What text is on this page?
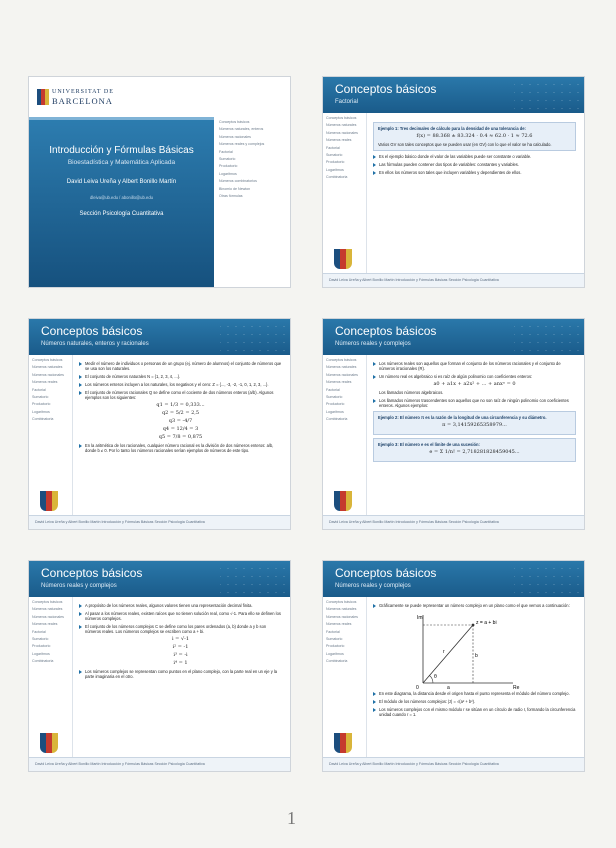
UNIVERSITAT DE
BARCELONA
Introducción y Fórmulas Básicas
Bioestadística y Matemática Aplicada
David Leiva Ureña y Albert Bonillo Martín
dleiva@ub.edu / abonillo@ub.edu
Sección Psicología Cuantitativa
Conceptos básicos
Números naturales, enteros
Números racionales
Números reales y complejos
Factorial
Sumatorio
Productorio
Logaritmos
Números combinatorios
Binomio de Newton
Otras fórmulas
Conceptos básicos
Factorial
Conceptos básicos
Números naturales
Números racionales
Números reales
Factorial
Sumatorio
Productorio
Logaritmos
Combinatoria
Ejemplo 1: Tres decimales de cálculo para la densidad de una tolerancia de:
f(x) = 88.368 ± 83.324 · 0.4 ≈ 62.0 · 1 ≈ 72.6
Varios GV son tales conceptos que se pueden usar (en GV) con lo que el valor se ha calculado.
Es el ejemplo básico donde el valor de las variables puede ser constante o variable.
Las fórmulas pueden contener dos tipos de variables: constantes y variables.
En ellos los números son tales que incluyen variables y dependientes de ellos.
David Leiva Ureña y Albert Bonillo Martín Introducción y Fórmulas Básicas Sección Psicología Cuantitativa
Conceptos básicos
Números naturales, enteros y racionales
Conceptos básicos
Números naturales
Números racionales
Números reales
Factorial
Sumatorio
Productorio
Logaritmos
Combinatoria
Medir el número de individuos o personas de un grupo (ej. número de alumnos) el conjunto de números que se usa son los naturales.
El conjunto de números naturales N = {1, 2, 3, 4, ...}.
Los números enteros incluyen a los naturales, los negativos y el cero: Z = {..., -3, -2, -1, 0, 1, 2, 3, ...}.
El conjunto de números racionales Q se define como el cociente de dos números enteros (a/b). Algunos ejemplos son los siguientes:
q1 = 1/3 = 0,333...
q2 = 5/2 = 2,5
q3 = -4/7
q4 = 12/4 = 3
q5 = 7/8 = 0,875
En la aritmética de los racionales, cualquier número racional es la división de dos números enteros: a/b, donde b ≠ 0. Por lo tanto los números racionales serían ejemplos de números de este tipo.
David Leiva Ureña y Albert Bonillo Martín Introducción y Fórmulas Básicas Sección Psicología Cuantitativa
Conceptos básicos
Números reales y complejos
Conceptos básicos
Números naturales
Números racionales
Números reales
Factorial
Sumatorio
Productorio
Logaritmos
Combinatoria
Los números reales son aquellos que forman el conjunto de los números racionales y el conjunto de números irracionales (R).
Un número real es algebraico si es raíz de algún polinomio con coeficientes enteros:
a0 + a1x + a2x² + ... + anxⁿ = 0
Los llamados números algebraicos.
Los llamados números trascendentes son aquellos que no son raíz de ningún polinomio con coeficientes enteros. Algunos ejemplos:
Ejemplo 2: El número π es la razón de la longitud de una circunferencia y su diámetro.
π = 3,14159265358979...
Ejemplo 3: El número e es el límite de una sucesión:
e = Σ 1/n! = 2,718281828459045...
David Leiva Ureña y Albert Bonillo Martín Introducción y Fórmulas Básicas Sección Psicología Cuantitativa
Conceptos básicos
Números reales y complejos
Conceptos básicos
Números naturales
Números racionales
Números reales
Factorial
Sumatorio
Productorio
Logaritmos
Combinatoria
A propósito de los números reales, algunos valores tienen una representación decimal finita.
Al pasar a los números reales, existen raíces que no tienen solución real, como √-1. Para ello se definen los números complejos.
El conjunto de los números complejos C se define como los pares ordenados (a, b) donde a y b son números reales. Los números complejos se escriben como a + bi.
i = √-1
i² = -1
i³ = -i
i⁴ = 1
Los números complejos se representan como puntos en el plano complejo, con la parte real en un eje y la parte imaginaria en el otro.
David Leiva Ureña y Albert Bonillo Martín Introducción y Fórmulas Básicas Sección Psicología Cuantitativa
Conceptos básicos
Números reales y complejos
Conceptos básicos
Números naturales
Números racionales
Números reales
Factorial
Sumatorio
Productorio
Logaritmos
Combinatoria
Gráficamente se puede representar un número complejo en un plano como el que vemos a continuación:
Im
Re
z = a + bi
r
b
a
θ
0
En este diagrama, la distancia desde el origen hasta el punto representa el módulo del número complejo.
El módulo de los números complejos: |z| = √(a² + b²).
Los números complejos con el mismo módulo r se sitúan en un círculo de radio r, formando la circunferencia unidad cuando r = 1.
David Leiva Ureña y Albert Bonillo Martín Introducción y Fórmulas Básicas Sección Psicología Cuantitativa
1
